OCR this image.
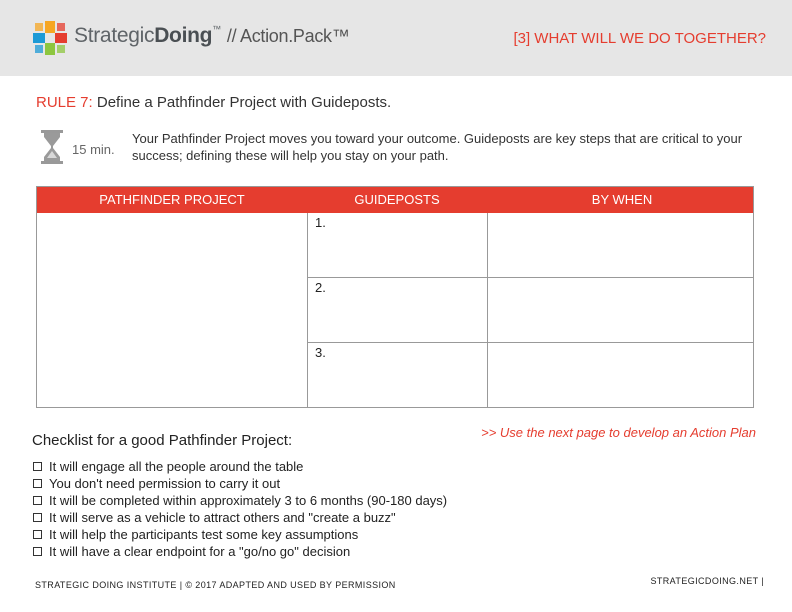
StrategicDoing™ // Action.Pack™	[3] WHAT WILL WE DO TOGETHER?
RULE 7: Define a Pathfinder Project with Guideposts.
15 min.
Your Pathfinder Project moves you toward your outcome. Guideposts are key steps that are critical to your success; defining these will help you stay on your path.
PATHFINDER PROJECT	GUIDEPOSTS	BY WHEN
1.
2.
3.
Checklist for a good Pathfinder Project:	>> Use the next page to develop an Action Plan
It will engage all the people around the table
You don't need permission to carry it out
It will be completed within approximately 3 to 6 months (90-180 days)
It will serve as a vehicle to attract others and "create a buzz"
It will help the participants test some key assumptions
It will have a clear endpoint for a "go/no go" decision
STRATEGIC DOING INSTITUTE | © 2017 ADAPTED AND USED BY PERMISSION	STRATEGICDOING.NET |
